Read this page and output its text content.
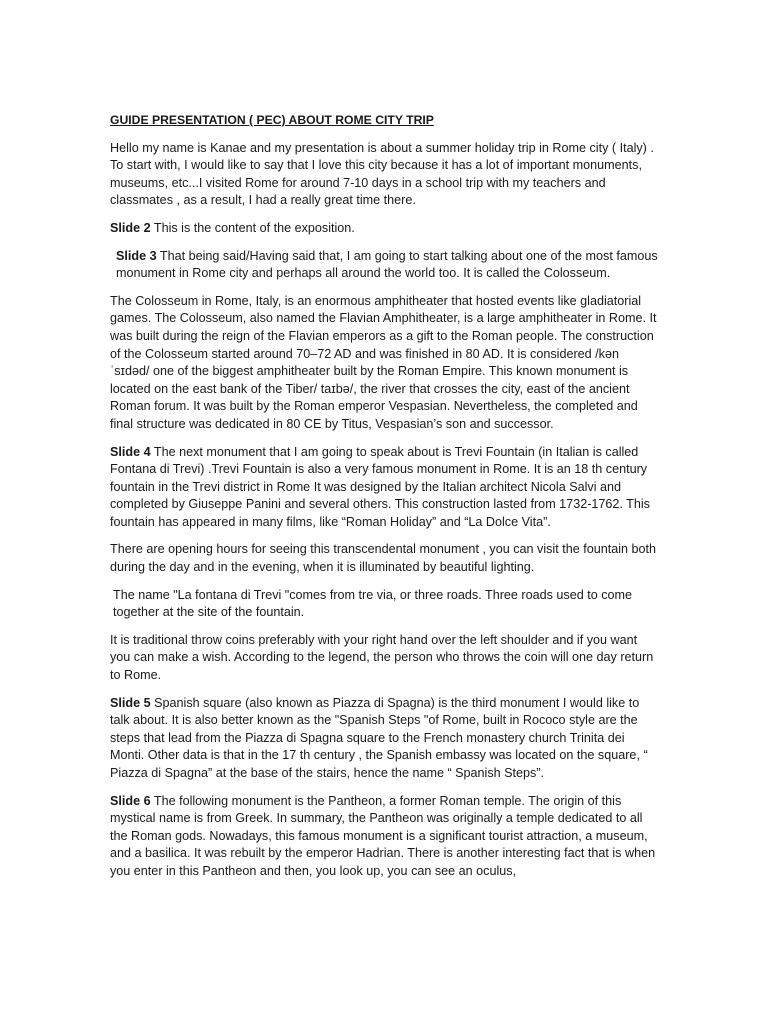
GUIDE PRESENTATION ( PEC) ABOUT ROME CITY TRIP

Hello my name is Kanae and my presentation is about a summer holiday trip in Rome city ( Italy) . To start with, I would like to say that I love this city because it has a lot of important monuments, museums, etc...I visited Rome for around 7-10 days in a school trip with my teachers and classmates , as a result, I had a really great time there.

Slide 2 This is the content of the exposition.

Slide 3 That being said/Having said that, I am going to start talking about one of the most famous monument in Rome city and perhaps all around the world too. It is called the Colosseum.

The Colosseum in Rome, Italy, is an enormous amphitheater that hosted events like gladiatorial games. The Colosseum, also named the Flavian Amphitheater, is a large amphitheater in Rome. It was built during the reign of the Flavian emperors as a gift to the Roman people. The construction of the Colosseum started around 70–72 AD and was finished in 80 AD. It is considered /kənˈsɪdəd/ one of the biggest amphitheater built by the Roman Empire. This known monument is located on the east bank of the Tiber/ taɪbə/, the river that crosses the city, east of the ancient Roman forum. It was built by the Roman emperor Vespasian. Nevertheless, the completed and final structure was dedicated in 80 CE by Titus, Vespasian’s son and successor.

Slide 4 The next monument that I am going to speak about is Trevi Fountain (in Italian is called Fontana di Trevi) .Trevi Fountain is also a very famous monument in Rome. It is an 18 th century fountain in the Trevi district in Rome It was designed by the Italian architect Nicola Salvi and completed by Giuseppe Panini and several others. This construction lasted from 1732-1762. This fountain has appeared in many films, like “Roman Holiday” and “La Dolce Vita”.

There are opening hours for seeing this transcendental monument , you can visit the fountain both during the day and in the evening, when it is illuminated by beautiful lighting.

The name "La fontana di Trevi "comes from tre via, or three roads. Three roads used to come together at the site of the fountain.

It is traditional throw coins preferably with your right hand over the left shoulder and if you want you can make a wish. According to the legend, the person who throws the coin will one day return to Rome.

Slide 5 Spanish square (also known as Piazza di Spagna) is the third monument I would like to talk about. It is also better known as the "Spanish Steps "of Rome, built in Rococo style are the steps that lead from the Piazza di Spagna square to the French monastery church Trinita dei Monti. Other data is that in the 17 th century , the Spanish embassy was located on the square, “ Piazza di Spagna” at the base of the stairs, hence the name “ Spanish Steps”.

Slide 6 The following monument is the Pantheon, a former Roman temple. The origin of this mystical name is from Greek. In summary, the Pantheon was originally a temple dedicated to all the Roman gods. Nowadays, this famous monument is a significant tourist attraction, a museum, and a basilica. It was rebuilt by the emperor Hadrian. There is another interesting fact that is when you enter in this Pantheon and then, you look up, you can see an oculus,
